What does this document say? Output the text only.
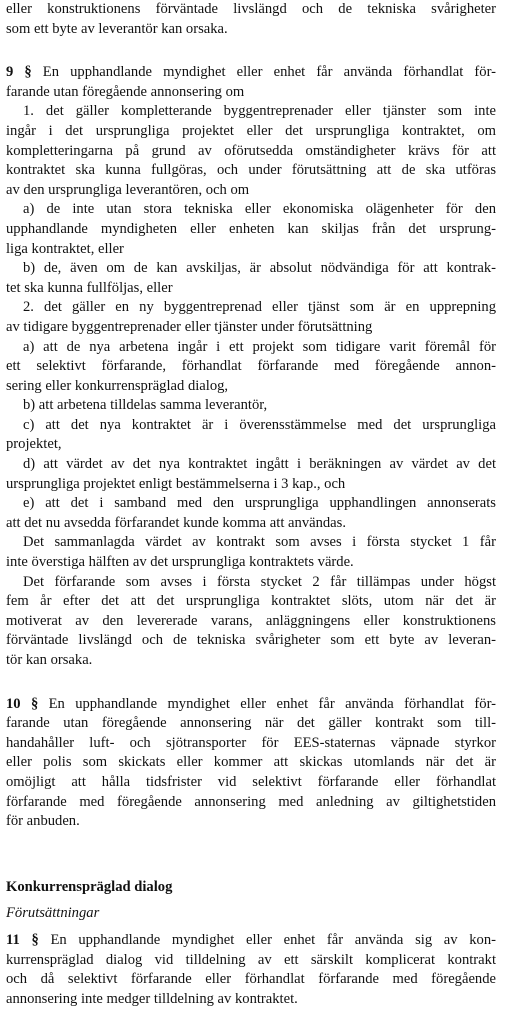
eller konstruktionens förväntade livslängd och de tekniska svårigheter
som ett byte av leverantör kan orsaka.
9 § En upphandlande myndighet eller enhet får använda förhandlat för-
farande utan föregående annonsering om
1. det gäller kompletterande byggentreprenader eller tjänster som inte
ingår i det ursprungliga projektet eller det ursprungliga kontraktet, om
kompletteringarna på grund av oförutsedda omständigheter krävs för att
kontraktet ska kunna fullgöras, och under förutsättning att de ska utföras
av den ursprungliga leverantören, och om
a) de inte utan stora tekniska eller ekonomiska olägenheter för den
upphandlande myndigheten eller enheten kan skiljas från det ursprung-
liga kontraktet, eller
b) de, även om de kan avskiljas, är absolut nödvändiga för att kontrak-
tet ska kunna fullföljas, eller
2. det gäller en ny byggentreprenad eller tjänst som är en upprepning
av tidigare byggentreprenader eller tjänster under förutsättning
a) att de nya arbetena ingår i ett projekt som tidigare varit föremål för
ett selektivt förfarande, förhandlat förfarande med föregående annon-
sering eller konkurrenspräglad dialog,
b) att arbetena tilldelas samma leverantör,
c) att det nya kontraktet är i överensstämmelse med det ursprungliga
projektet,
d) att värdet av det nya kontraktet ingått i beräkningen av värdet av det
ursprungliga projektet enligt bestämmelserna i 3 kap., och
e) att det i samband med den ursprungliga upphandlingen annonserats
att det nu avsedda förfarandet kunde komma att användas.
Det sammanlagda värdet av kontrakt som avses i första stycket 1 får
inte överstiga hälften av det ursprungliga kontraktets värde.
Det förfarande som avses i första stycket 2 får tillämpas under högst
fem år efter det att det ursprungliga kontraktet slöts, utom när det är
motiverat av den levererade varans, anläggningens eller konstruktionens
förväntade livslängd och de tekniska svårigheter som ett byte av leveran-
tör kan orsaka.
10 § En upphandlande myndighet eller enhet får använda förhandlat för-
farande utan föregående annonsering när det gäller kontrakt som till-
handahåller luft- och sjötransporter för EES-staternas väpnade styrkor
eller polis som skickats eller kommer att skickas utomlands när det är
omöjligt att hålla tidsfrister vid selektivt förfarande eller förhandlat
förfarande med föregående annonsering med anledning av giltighetstiden
för anbuden.

Konkurrenspräglad dialog

Förutsättningar

11 § En upphandlande myndighet eller enhet får använda sig av kon-
kurrenspräglad dialog vid tilldelning av ett särskilt komplicerat kontrakt
och då selektivt förfarande eller förhandlat förfarande med föregående
annonsering inte medger tilldelning av kontraktet.
